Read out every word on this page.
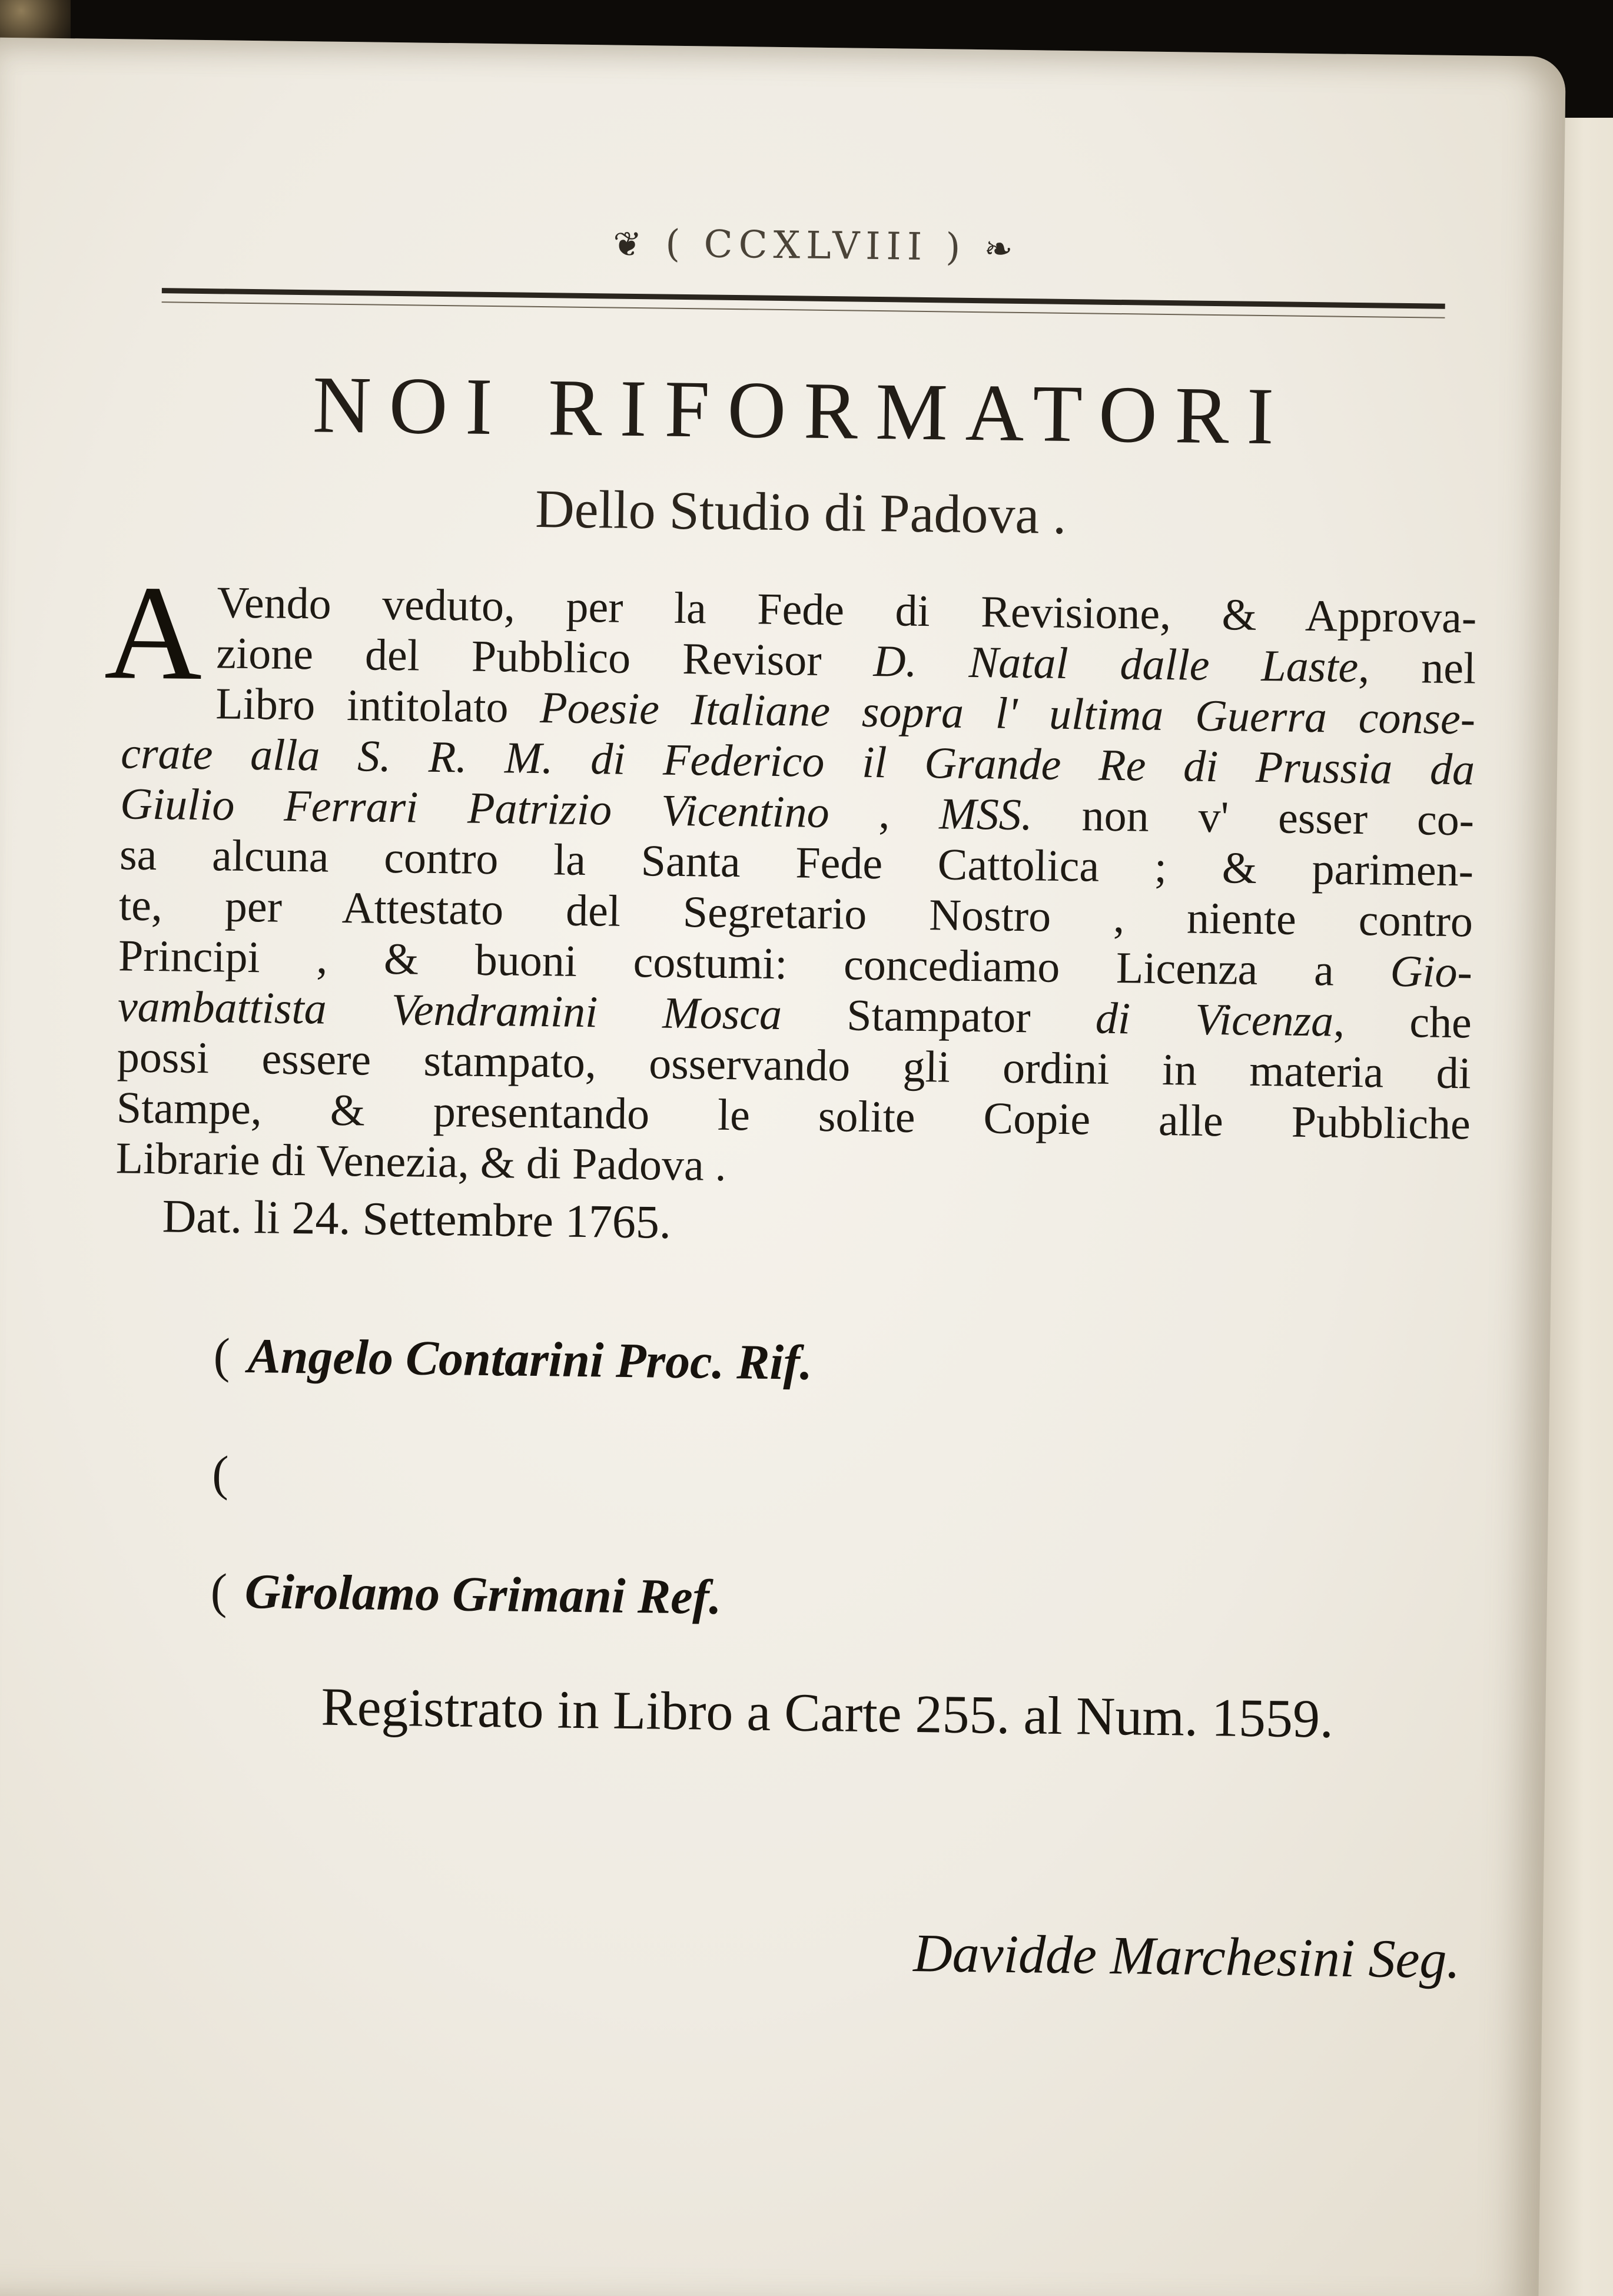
❦ ( CCXLVIII ) ❧
NOI RIFORMATORI
Dello Studio di Padova .
A Vendo veduto, per la Fede di Revisione, & Approva-
zione del Pubblico Revisor D. Natal dalle Laste, nel
Libro intitolato Poesie Italiane sopra l' ultima Guerra conse-
crate alla S. R. M. di Federico il Grande Re di Prussia da
Giulio Ferrari Patrizio Vicentino , MSS. non v' esser co-
sa alcuna contro la Santa Fede Cattolica ; & parimen-
te, per Attestato del Segretario Nostro , niente contro
Principi , & buoni costumi: concediamo Licenza a Gio-
vambattista Vendramini Mosca Stampator di Vicenza, che
possi essere stampato, osservando gli ordini in materia di
Stampe, & presentando le solite Copie alle Pubbliche
Librarie di Venezia, & di Padova .
Dat. li 24. Settembre 1765.
( Angelo Contarini Proc. Rif.
(
( Girolamo Grimani Ref.
Registrato in Libro a Carte 255. al Num. 1559.
Davidde Marchesini Seg.
